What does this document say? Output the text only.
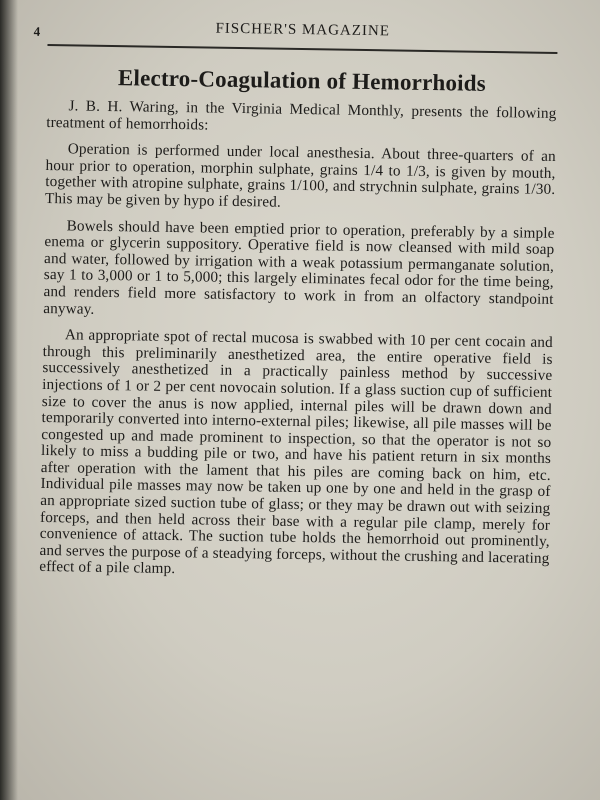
4	FISCHER'S MAGAZINE
Electro-Coagulation of Hemorrhoids

J. B. H. Waring, in the Virginia Medical Monthly, presents the following treatment of hemorrhoids:

Operation is performed under local anesthesia. About three-quarters of an hour prior to operation, morphin sulphate, grains 1/4 to 1/3, is given by mouth, together with atropine sulphate, grains 1/100, and strychnin sulphate, grains 1/30. This may be given by hypo if desired.

Bowels should have been emptied prior to operation, preferably by a simple enema or glycerin suppository. Operative field is now cleansed with mild soap and water, followed by irrigation with a weak potassium permanganate solution, say 1 to 3,000 or 1 to 5,000; this largely eliminates fecal odor for the time being, and renders field more satisfactory to work in from an olfactory standpoint anyway.

An appropriate spot of rectal mucosa is swabbed with 10 per cent cocain and through this preliminarily anesthetized area, the entire operative field is successively anesthetized in a practically painless method by successive injections of 1 or 2 per cent novocain solution. If a glass suction cup of sufficient size to cover the anus is now applied, internal piles will be drawn down and temporarily converted into interno-external piles; likewise, all pile masses will be congested up and made prominent to inspection, so that the operator is not so likely to miss a budding pile or two, and have his patient return in six months after operation with the lament that his piles are coming back on him, etc. Individual pile masses may now be taken up one by one and held in the grasp of an appropriate sized suction tube of glass; or they may be drawn out with seizing forceps, and then held across their base with a regular pile clamp, merely for convenience of attack. The suction tube holds the hemorrhoid out prominently, and serves the purpose of a steadying forceps, without the crushing and lacerating effect of a pile clamp.
